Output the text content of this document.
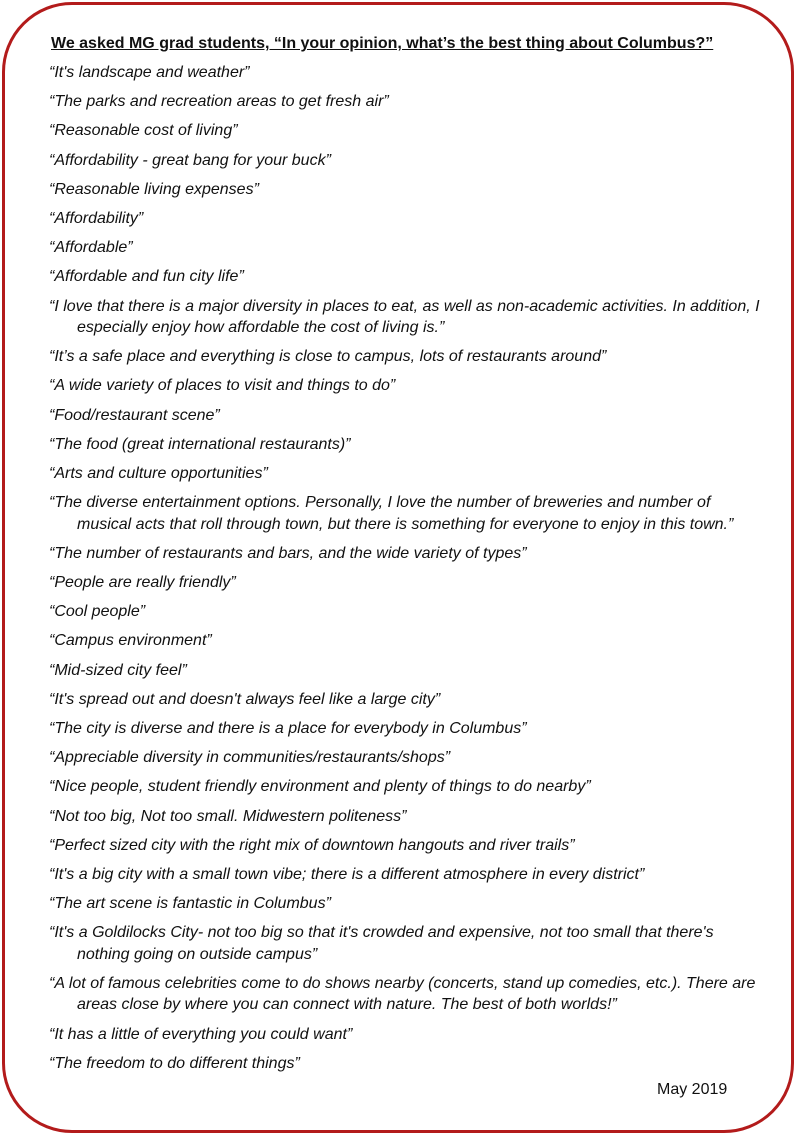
We asked MG grad students, “In your opinion, what’s the best thing about Columbus?”
“It's landscape and weather”
“The parks and recreation areas to get fresh air”
“Reasonable cost of living”
“Affordability - great bang for your buck”
“Reasonable living expenses”
“Affordability”
“Affordable”
“Affordable and fun city life”
“I love that there is a major diversity in places to eat, as well as non-academic activities. In addition, I especially enjoy how affordable the cost of living is.”
“It’s a safe place and everything is close to campus, lots of restaurants around”
“A wide variety of places to visit and things to do”
“Food/restaurant scene”
“The food (great international restaurants)”
“Arts and culture opportunities”
“The diverse entertainment options. Personally, I love the number of breweries and number of musical acts that roll through town, but there is something for everyone to enjoy in this town.”
“The number of restaurants and bars, and the wide variety of types”
“People are really friendly”
“Cool people”
“Campus environment”
“Mid-sized city feel”
“It's spread out and doesn't always feel like a large city”
“The city is diverse and there is a place for everybody in Columbus”
“Appreciable diversity in communities/restaurants/shops”
“Nice people, student friendly environment and plenty of things to do nearby”
“Not too big, Not too small. Midwestern politeness”
“Perfect sized city with the right mix of downtown hangouts and river trails”
“It's a big city with a small town vibe; there is a different atmosphere in every district”
“The art scene is fantastic in Columbus”
“It's a Goldilocks City- not too big so that it's crowded and expensive, not too small that there's nothing going on outside campus”
“A lot of famous celebrities come to do shows nearby (concerts, stand up comedies, etc.). There are areas close by where you can connect with nature. The best of both worlds!”
“It has a little of everything you could want”
“The freedom to do different things”
May 2019
